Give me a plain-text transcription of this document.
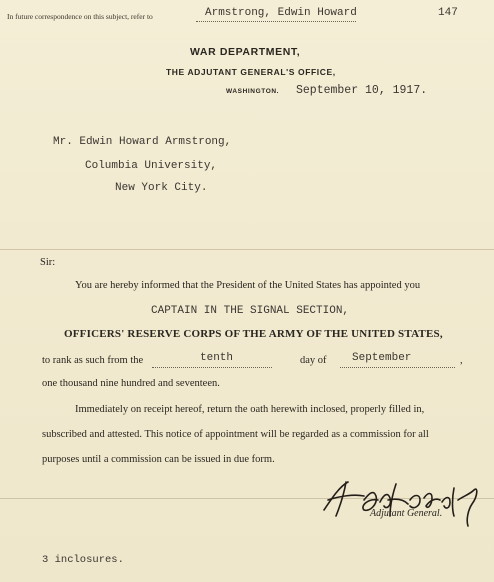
In future correspondence on this subject, refer to	Armstrong, Edwin Howard	147
WAR DEPARTMENT,
THE ADJUTANT GENERAL'S OFFICE,
WASHINGTON. September 10, 1917.
Mr. Edwin Howard Armstrong,
Columbia University,
New York City.
Sir:
You are hereby informed that the President of the United States has appointed you
CAPTAIN IN THE SIGNAL SECTION,
OFFICERS' RESERVE CORPS OF THE ARMY OF THE UNITED STATES,
to rank as such from the	tenth	day of September	,
one thousand nine hundred and seventeen.
Immediately on receipt hereof, return the oath herewith inclosed, properly filled in,
subscribed and attested. This notice of appointment will be regarded as a commission for all
purposes until a commission can be issued in due form.
Adjutant General.
3 inclosures.
